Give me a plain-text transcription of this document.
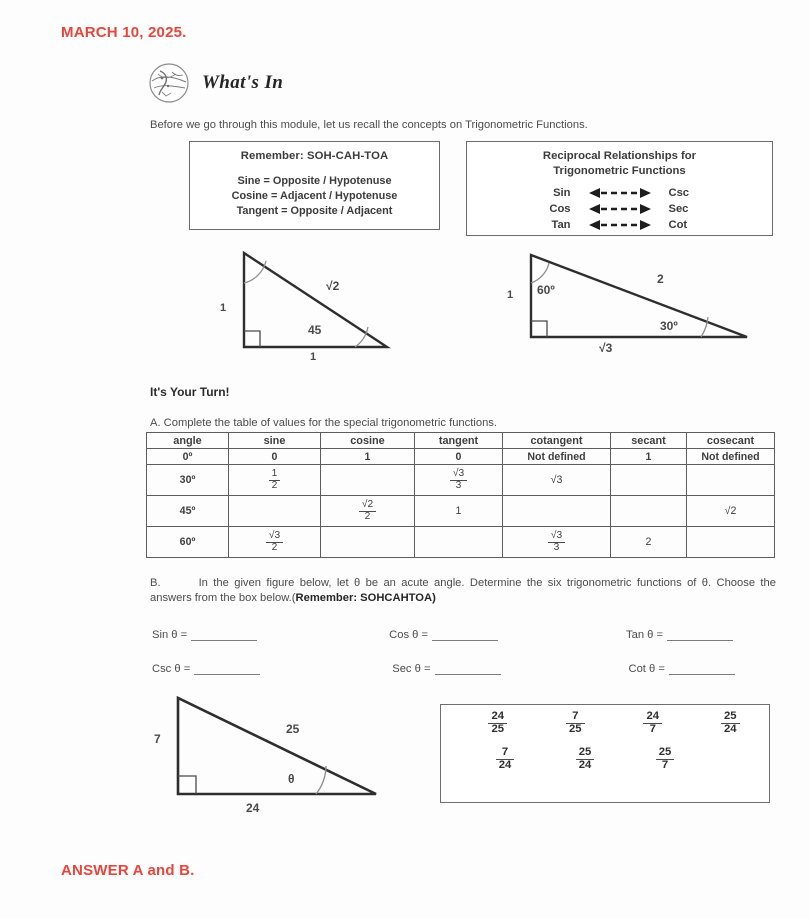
MARCH 10, 2025.
What's In
Before we go through this module, let us recall the concepts on Trigonometric Functions.
Remember: SOH-CAH-TOA
Sine = Opposite / Hypotenuse
Cosine = Adjacent / Hypotenuse
Tangent = Opposite / Adjacent
Reciprocal Relationships for
Trigonometric Functions
Sin	Csc
Cos	Sec
Tan	Cot
1
√2
45
1
1 60º
2
30º
√3
It's Your Turn!
A. Complete the table of values for the special trigonometric functions.
angle	sine	cosine	tangent	cotangent	secant	cosecant
0º	0	1	0	Not defined	1	Not defined
30º	$\frac{1}{2}$		$\frac{√3}{3}$	√3		
45º		$\frac{√2}{2}$	1			√2
60º	$\frac{√3}{2}$			$\frac{√3}{3}$	2	
B.	In the given figure below, let θ be an acute angle. Determine the six trigonometric functions of θ. Choose the answers from the box below.(Remember: SOHCAHTOA)
Sin θ =	Cos θ =	Tan θ =
Csc θ =	Sec θ =	Cot θ =
7
25
θ
24
$\frac{24}{25}$	$\frac{7}{25}$	$\frac{24}{7}$	$\frac{25}{24}$
$\frac{7}{24}$	$\frac{25}{24}$	$\frac{25}{7}$
ANSWER A and B.
